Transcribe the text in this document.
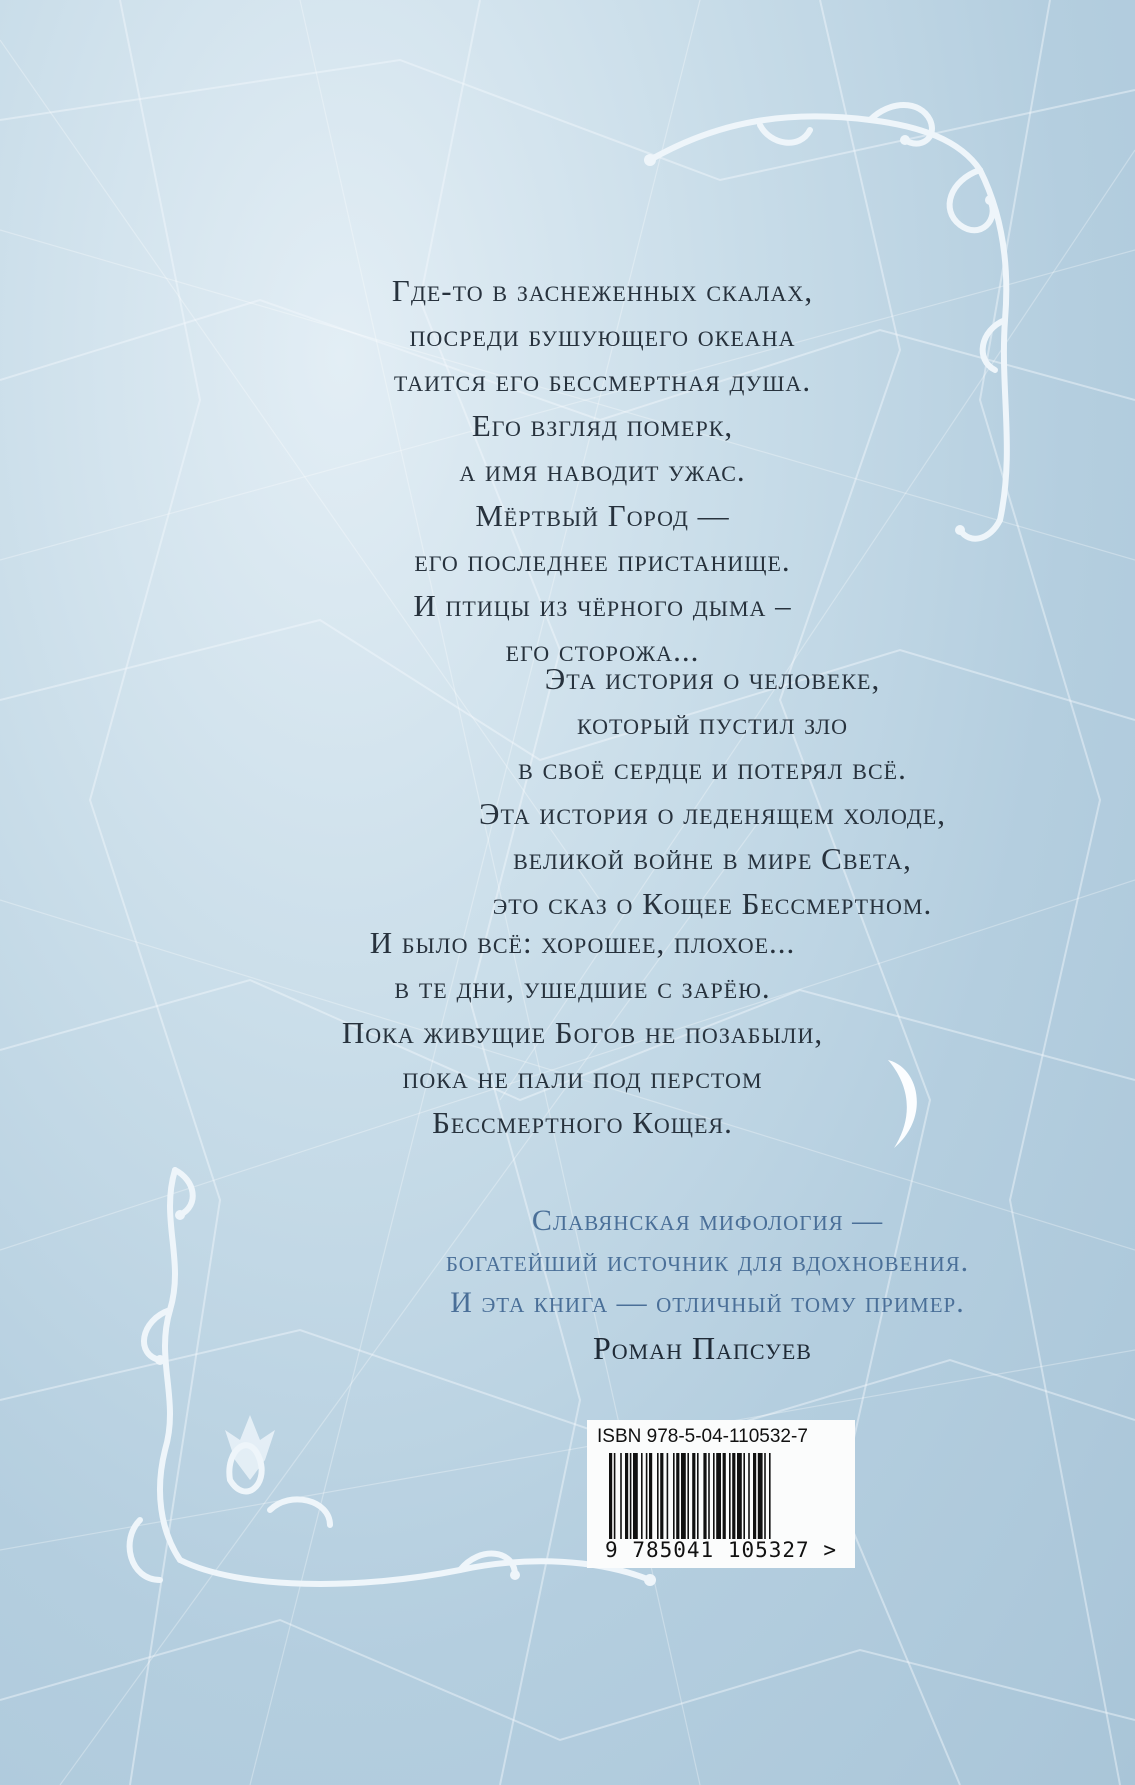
Где-то в заснеженных скалах,
посреди бушующего океана
таится его бессмертная душа.
Его взгляд померк,
а имя наводит ужас.
Мёртвый Город —
его последнее пристанище.
И птицы из чёрного дыма –
его сторожа...
Эта история о человеке,
который пустил зло
в своё сердце и потерял всё.
Эта история о леденящем холоде,
великой войне в мире Света,
это сказ о Кощее Бессмертном.
И было всё: хорошее, плохое...
в те дни, ушедшие с зарёю.
Пока живущие Богов не позабыли,
пока не пали под перстом
Бессмертного Кощея.
Славянская мифология —
богатейший источник для вдохновения.
И эта книга — отличный тому пример.
Роман Папсуев
ISBN 978-5-04-110532-7
9 785041 105327 >
